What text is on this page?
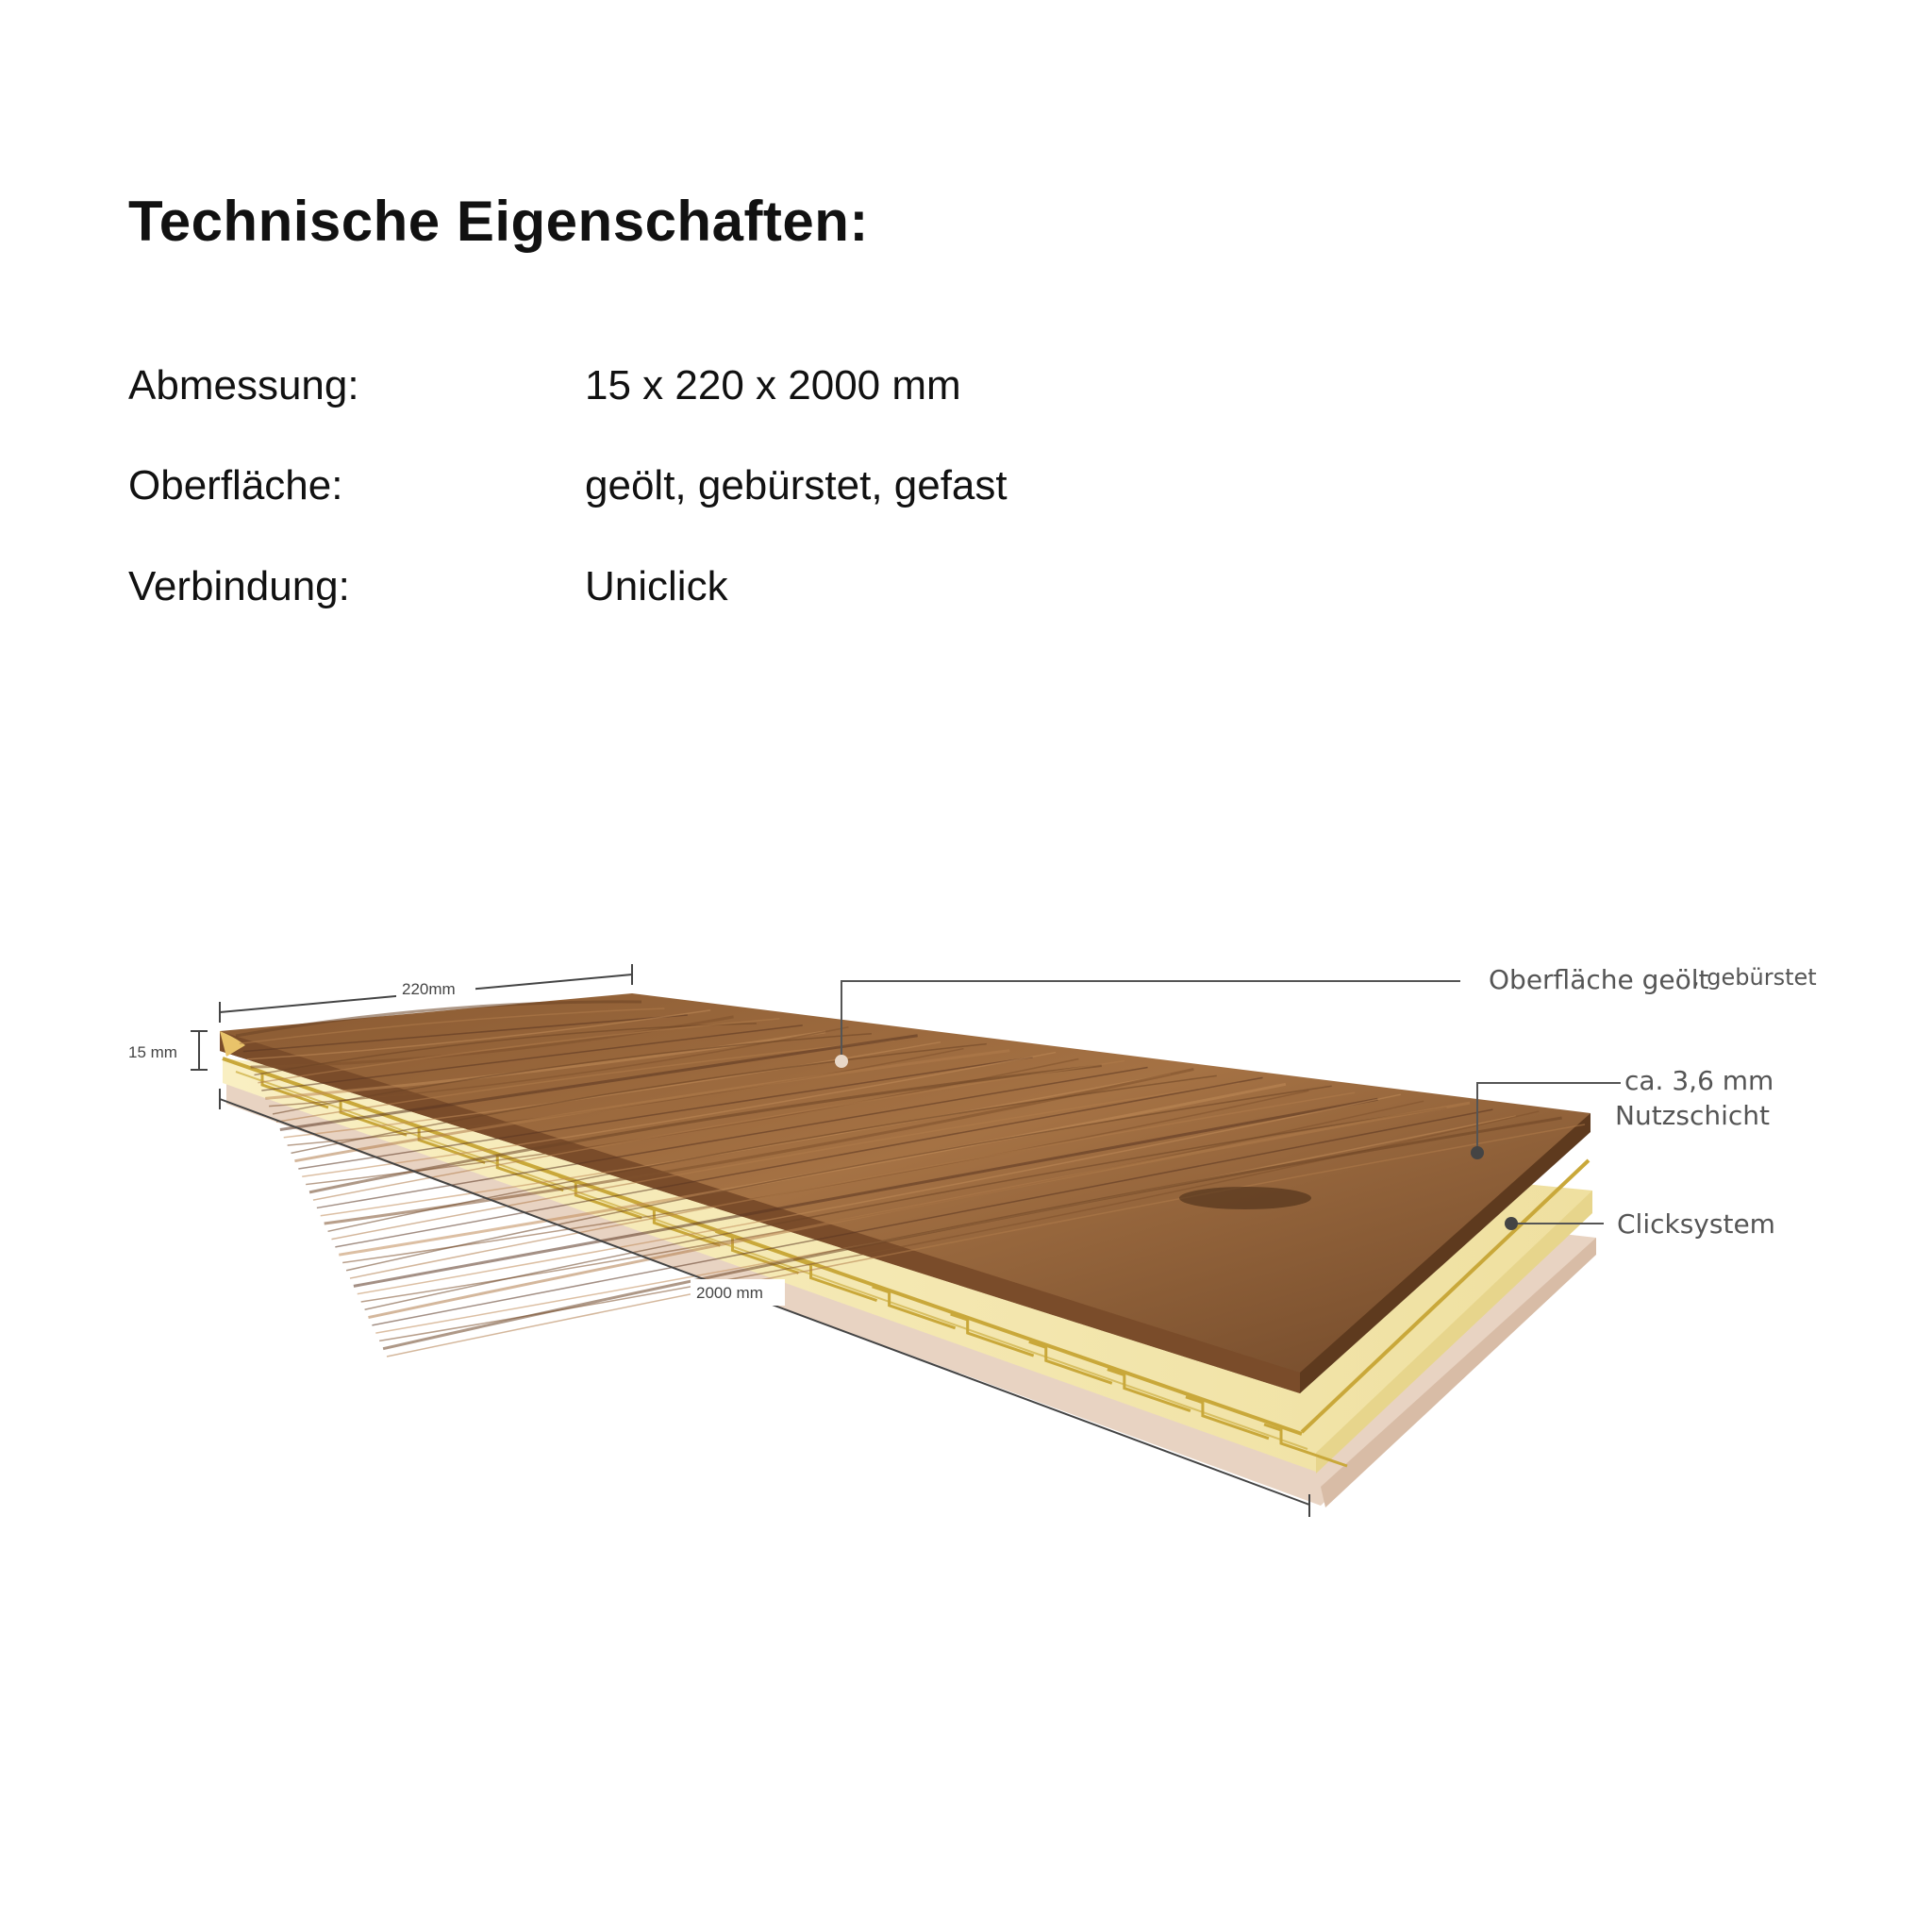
Technische Eigenschaften:
Abmessung:	15 x 220 x 2000 mm
Oberfläche:	geölt, gebürstet, gefast
Verbindung:	Uniclick
220mm
15 mm
2000 mm
Oberfläche geölt
, gebürstet
ca. 3,6 mm
Nutzschicht
Clicksystem
